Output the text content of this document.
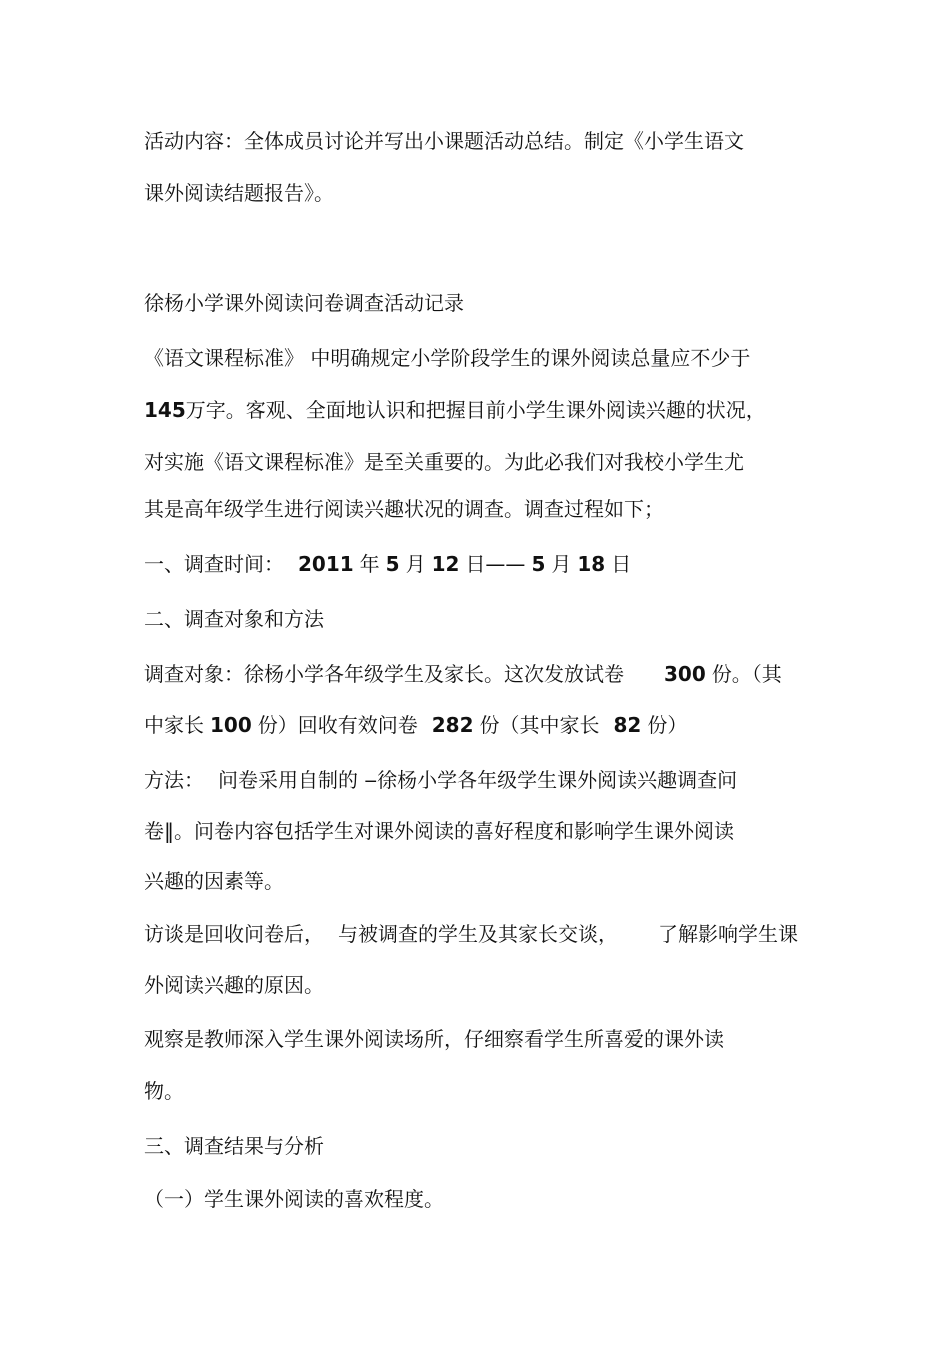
活动内容：全体成员讨论并写出小课题活动总结。制定《小学生语文

课外阅读结题报告》。

徐杨小学课外阅读问卷调查活动记录

《语文课程标准》 中明确规定小学阶段学生的课外阅读总量应不少于

145万字。客观、全面地认识和把握目前小学生课外阅读兴趣的状况，

对实施《语文课程标准》是至关重要的。为此必我们对我校小学生尤

其是高年级学生进行阅读兴趣状况的调查。调查过程如下；

一、调查时间： 2011 年 5 月 12 日—— 5 月 18 日

二、调查对象和方法

调查对象：徐杨小学各年级学生及家长。这次发放试卷 300 份。（其

中家长 100 份）回收有效问卷 282 份（其中家长 82 份）

方法： 问卷采用自制的 ‒徐杨小学各年级学生课外阅读兴趣调查问

卷‖。问卷内容包括学生对课外阅读的喜好程度和影响学生课外阅读

兴趣的因素等。

访谈是回收问卷后， 与被调查的学生及其家长交谈， 了解影响学生课

外阅读兴趣的原因。

观察是教师深入学生课外阅读场所，仔细察看学生所喜爱的课外读

物。

三、调查结果与分析

（一）学生课外阅读的喜欢程度。
